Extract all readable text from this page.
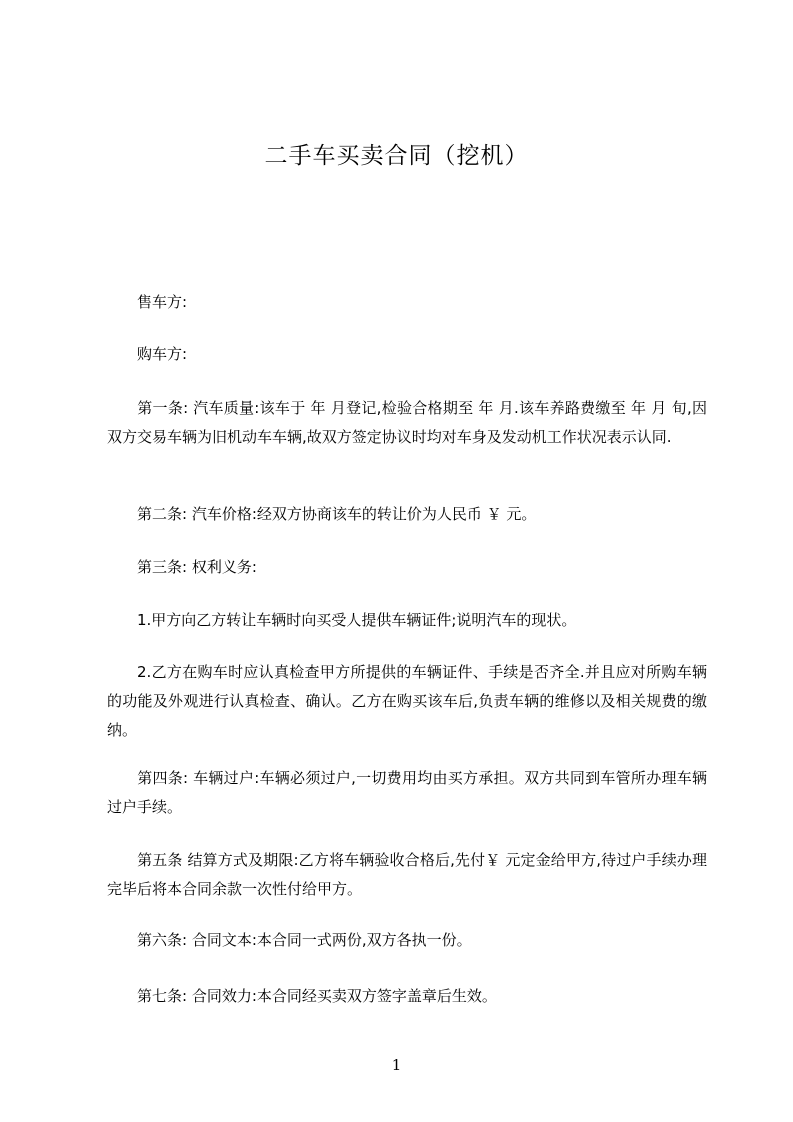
二手车买卖合同（挖机）

售车方:

购车方:

第一条: 汽车质量:该车于 年 月登记,检验合格期至 年 月.该车养路费缴至 年 月 旬,因双方交易车辆为旧机动车车辆,故双方签定协议时均对车身及发动机工作状况表示认同.

第二条: 汽车价格:经双方协商该车的转让价为人民币 ￥ 元。

第三条: 权利义务:

1.甲方向乙方转让车辆时向买受人提供车辆证件;说明汽车的现状。

2.乙方在购车时应认真检查甲方所提供的车辆证件、手续是否齐全.并且应对所购车辆的功能及外观进行认真检查、确认。乙方在购买该车后,负责车辆的维修以及相关规费的缴纳。

第四条: 车辆过户:车辆必须过户,一切费用均由买方承担。双方共同到车管所办理车辆过户手续。

第五条 结算方式及期限:乙方将车辆验收合格后,先付￥ 元定金给甲方,待过户手续办理完毕后将本合同余款一次性付给甲方。

第六条: 合同文本:本合同一式两份,双方各执一份。

第七条: 合同效力:本合同经买卖双方签字盖章后生效。

1
